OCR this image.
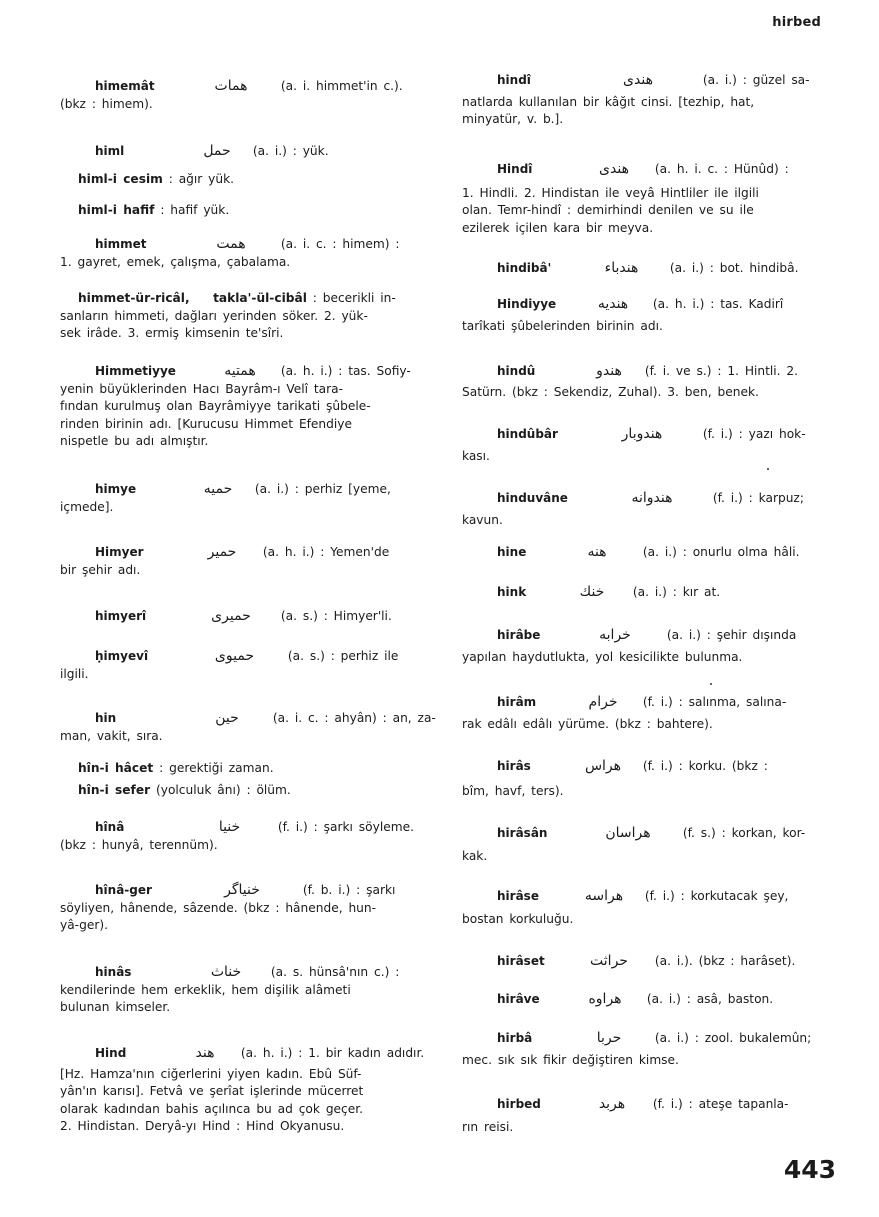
hirbed
himemât	همات	(a. i. himmet'in c.).
(bkz : himem).
himl	حمل (a. i.) : yük.
himl-i cesim : ağır yük.
himl-i hafif : hafif yük.
himmet	همت	(a. i. c. : himem) :
1. gayret, emek, çalışma, çabalama.
himmet-ür-ricâl, takla'-ül-cibâl : becerikli in-
sanların himmeti, dağları yerinden söker. 2. yük-
sek irâde. 3. ermiş kimsenin te'sîri.
Himmetiyye	همتيه (a. h. i.) : tas. Sofiy-
yenin büyüklerinden Hacı Bayrâm-ı Velî tara-
fından kurulmuş olan Bayrâmiyye tarikati şûbele-
rinden birinin adı. [Kurucusu Himmet Efendiye
nispetle bu adı almıştır.
himye	حميه (a. i.) : perhiz [yeme,
içmede].
Himyer	حمير (a. h. i.) : Yemen'de
bir şehir adı.
himyerî	حميرى (a. s.) : Himyer'li.
ḥimyevî	حميوى	(a. s.) : perhiz ile
ilgili.
hin	حين	(a. i. c. : ahyân) : an, za-
man, vakit, sıra.
hîn-i hâcet : gerektiği zaman.
hîn-i sefer (yolculuk ânı) : ölüm.
hînâ	خنيا	(f. i.) : şarkı söyleme.
(bkz : hunyâ, terennüm).
hînâ-ger	خنياگر	(f. b. i.) : şarkı
söyliyen, hânende, sâzende. (bkz : hânende, hun-
yâ-ger).
hinâs	خناث (a. s. hünsâ'nın c.) :
kendilerinde hem erkeklik, hem dişilik alâmeti
bulunan kimseler.
Hind	هند (a. h. i.) : 1. bir kadın adıdır.
[Hz. Hamza'nın ciğerlerini yiyen kadın. Ebû Süf-
yân'ın karısı]. Fetvâ ve şerîat işlerinde mücerret
olarak kadından bahis açılınca bu ad çok geçer.
2. Hindistan. Deryâ-yı Hind : Hind Okyanusu.
hindî	هندى	(a. i.) : güzel sa-
natlarda kullanılan bir kâğıt cinsi. [tezhip, hat,
minyatür, v. b.].
Hindî	هندى (a. h. i. c. : Hünûd) :
1. Hindli. 2. Hindistan ile veyâ Hintliler ile ilgili
olan. Temr-hindî : demirhindi denilen ve su ile
ezilerek içilen kara bir meyva.
hindibâ'	هندباء	(a. i.) : bot. hindibâ.
Hindiyye	هنديه (a. h. i.) : tas. Kadirî
tarîkati şûbelerinden birinin adı.
hindû	هندو (f. i. ve s.) : 1. Hintli. 2.
Satürn. (bkz : Sekendiz, Zuhal). 3. ben, benek.
hindûbâr	هندوبار	(f. i.) : yazı hok-
kası.
hinduvâne	هندوانه	(f. i.) : karpuz;
kavun.
hine	هنه	(a. i.) : onurlu olma hâli.
hink	خنك (a. i.) : kır at.
hirâbe	خرابه	(a. i.) : şehir dışında
yapılan haydutlukta, yol kesicilikte bulunma.
hirâm	خرام (f. i.) : salınma, salına-
rak edâlı edâlı yürüme. (bkz : bahtere).
hirâs	هراس (f. i.) : korku. (bkz :
bîm, havf, ters).
hirâsân	هراسان	(f. s.) : korkan, kor-
kak.
hirâse	هراسه (f. i.) : korkutacak şey,
bostan korkuluğu.
hirâset	حراثت (a. i.). (bkz : harâset).
hirâve	هراوه (a. i.) : asâ, baston.
hirbâ	حربا	(a. i.) : zool. bukalemûn;
mec. sık sık fikir değiştiren kimse.
hirbed	هربد (f. i.) : ateşe tapanla-
rın reisi.
443
